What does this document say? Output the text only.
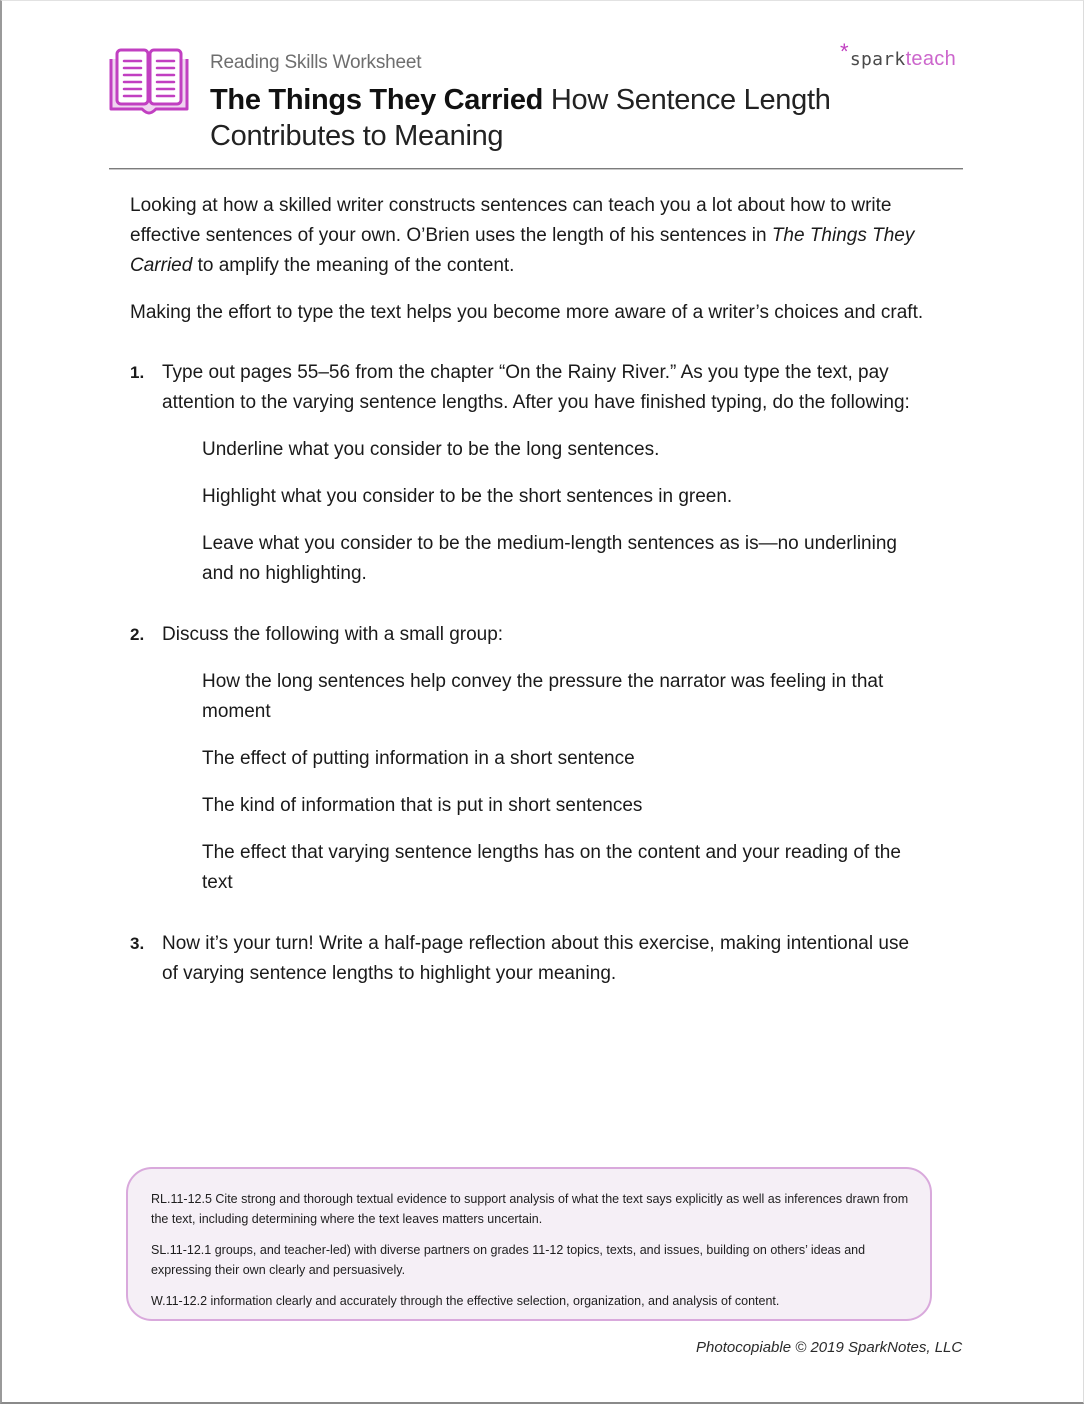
Reading Skills Worksheet
The Things They Carried How Sentence Length Contributes to Meaning
*sparkteach

Looking at how a skilled writer constructs sentences can teach you a lot about how to write effective sentences of your own. O’Brien uses the length of his sentences in The Things They Carried to amplify the meaning of the content.

Making the effort to type the text helps you become more aware of a writer’s choices and craft.

1. Type out pages 55–56 from the chapter “On the Rainy River.” As you type the text, pay attention to the varying sentence lengths. After you have finished typing, do the following:

Underline what you consider to be the long sentences.

Highlight what you consider to be the short sentences in green.

Leave what you consider to be the medium-length sentences as is—no underlining and no highlighting.

2. Discuss the following with a small group:

How the long sentences help convey the pressure the narrator was feeling in that moment

The effect of putting information in a short sentence

The kind of information that is put in short sentences

The effect that varying sentence lengths has on the content and your reading of the text

3. Now it’s your turn! Write a half-page reflection about this exercise, making intentional use of varying sentence lengths to highlight your meaning.

RL.11-12.5 Cite strong and thorough textual evidence to support analysis of what the text says explicitly as well as inferences drawn from the text, including determining where the text leaves matters uncertain.

SL.11-12.1 groups, and teacher-led) with diverse partners on grades 11-12 topics, texts, and issues, building on others’ ideas and expressing their own clearly and persuasively.

W.11-12.2 information clearly and accurately through the effective selection, organization, and analysis of content.

Photocopiable © 2019 SparkNotes, LLC
